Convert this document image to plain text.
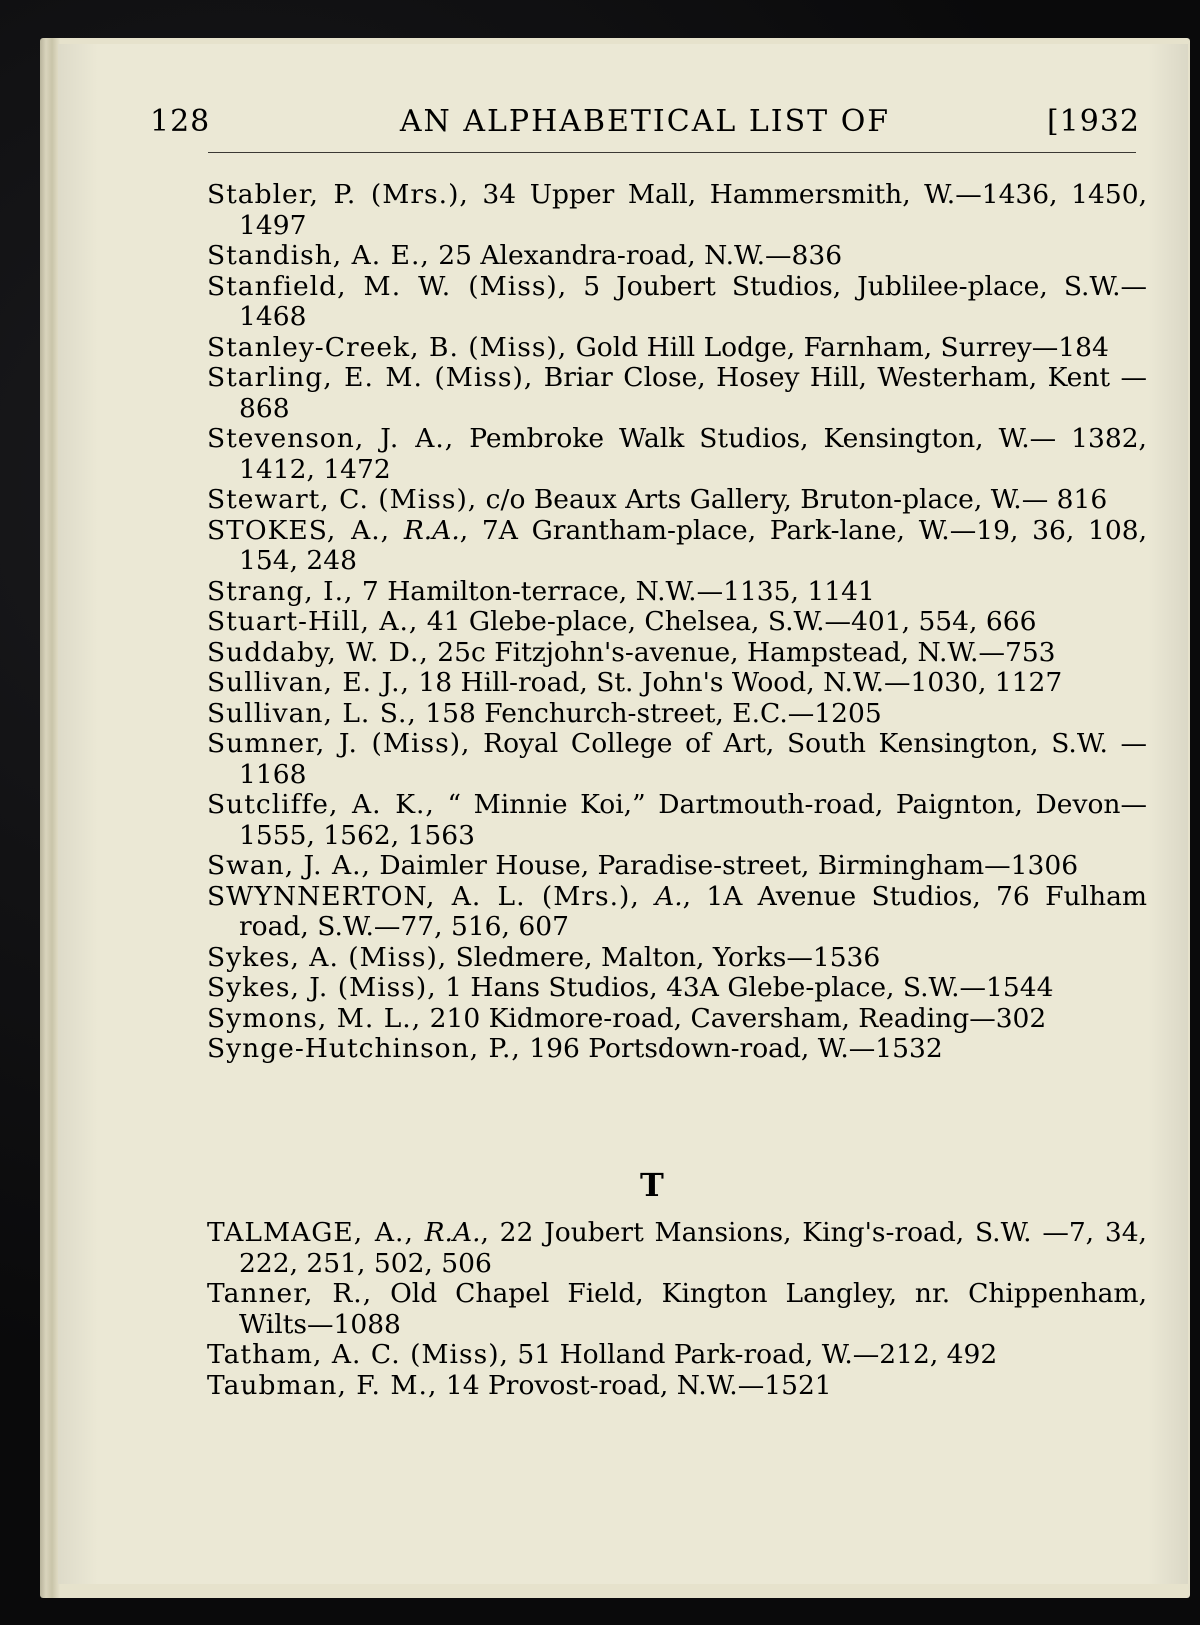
128	AN ALPHABETICAL LIST OF	[1932
Stabler, P. (Mrs.), 34 Upper Mall, Hammersmith, W.—1436, 1450, 1497
Standish, A. E., 25 Alexandra-road, N.W.—836
Stanfield, M. W. (Miss), 5 Joubert Studios, Jublilee-place, S.W.— 1468
Stanley-Creek, B. (Miss), Gold Hill Lodge, Farnham, Surrey—184
Starling, E. M. (Miss), Briar Close, Hosey Hill, Westerham, Kent —868
Stevenson, J. A., Pembroke Walk Studios, Kensington, W.— 1382, 1412, 1472
Stewart, C. (Miss), c/o Beaux Arts Gallery, Bruton-place, W.— 816
STOKES, A., R.A., 7A Grantham-place, Park-lane, W.—19, 36, 108, 154, 248
Strang, I., 7 Hamilton-terrace, N.W.—1135, 1141
Stuart-Hill, A., 41 Glebe-place, Chelsea, S.W.—401, 554, 666
Suddaby, W. D., 25c Fitzjohn's-avenue, Hampstead, N.W.—753
Sullivan, E. J., 18 Hill-road, St. John's Wood, N.W.—1030, 1127
Sullivan, L. S., 158 Fenchurch-street, E.C.—1205
Sumner, J. (Miss), Royal College of Art, South Kensington, S.W. —1168
Sutcliffe, A. K., “ Minnie Koi,” Dartmouth-road, Paignton, Devon—1555, 1562, 1563
Swan, J. A., Daimler House, Paradise-street, Birmingham—1306
SWYNNERTON, A. L. (Mrs.), A., 1A Avenue Studios, 76 Fulham road, S.W.—77, 516, 607
Sykes, A. (Miss), Sledmere, Malton, Yorks—1536
Sykes, J. (Miss), 1 Hans Studios, 43A Glebe-place, S.W.—1544
Symons, M. L., 210 Kidmore-road, Caversham, Reading—302
Synge-Hutchinson, P., 196 Portsdown-road, W.—1532
T
TALMAGE, A., R.A., 22 Joubert Mansions, King's-road, S.W. —7, 34, 222, 251, 502, 506
Tanner, R., Old Chapel Field, Kington Langley, nr. Chippenham, Wilts—1088
Tatham, A. C. (Miss), 51 Holland Park-road, W.—212, 492
Taubman, F. M., 14 Provost-road, N.W.—1521
